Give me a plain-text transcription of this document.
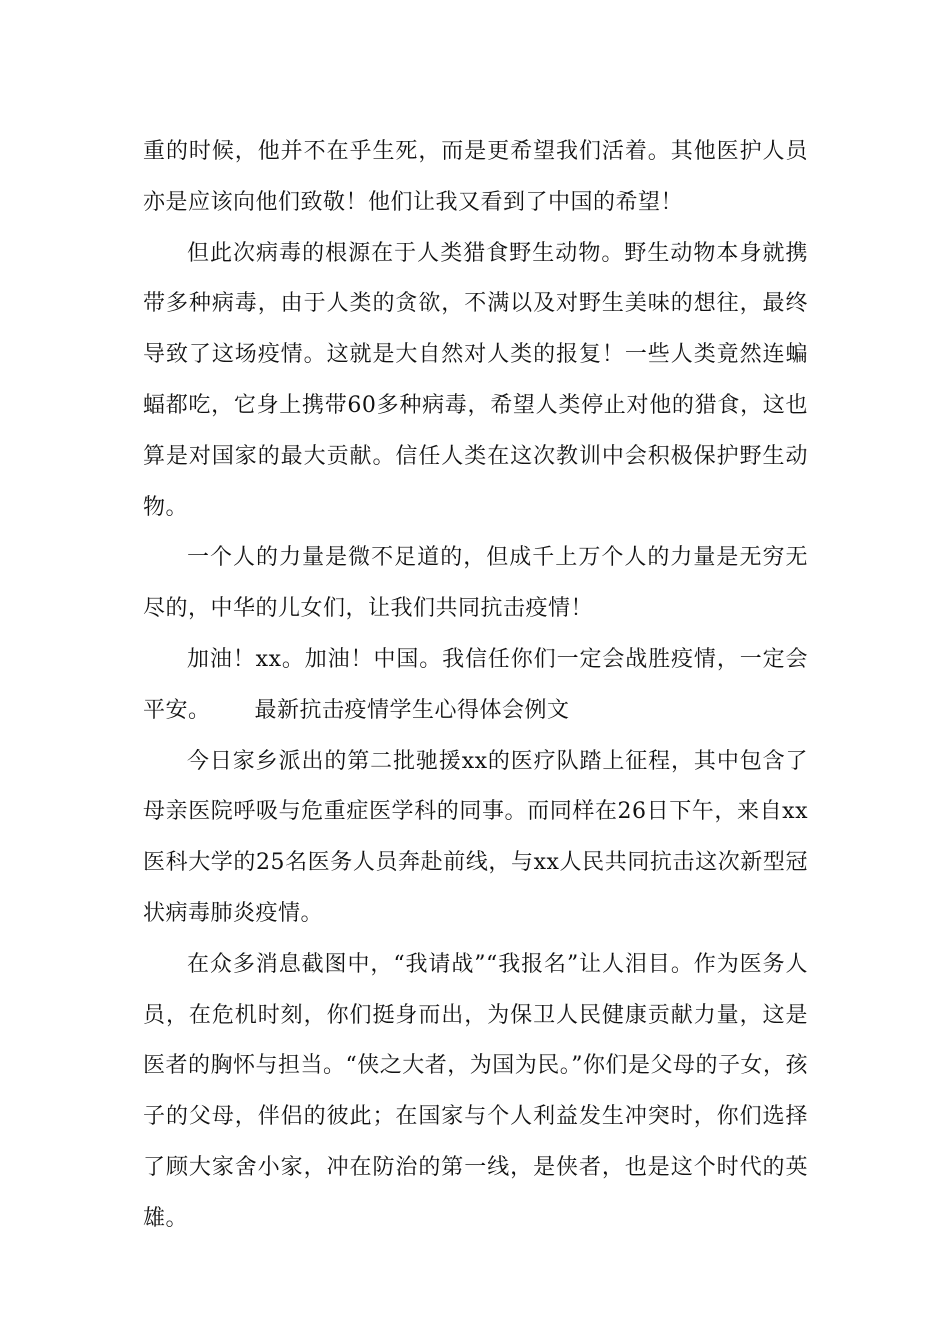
重的时候，他并不在乎生死，而是更希望我们活着。其他医护人员亦是应该向他们致敬！他们让我又看到了中国的希望！

但此次病毒的根源在于人类猎食野生动物。野生动物本身就携带多种病毒，由于人类的贪欲，不满以及对野生美味的想往，最终导致了这场疫情。这就是大自然对人类的报复！一些人类竟然连蝙蝠都吃，它身上携带60多种病毒，希望人类停止对他的猎食，这也算是对国家的最大贡献。信任人类在这次教训中会积极保护野生动物。

一个人的力量是微不足道的，但成千上万个人的力量是无穷无尽的，中华的儿女们，让我们共同抗击疫情！

加油！xx。加油！中国。我信任你们一定会战胜疫情，一定会平安。 最新抗击疫情学生心得体会例文

今日家乡派出的第二批驰援xx的医疗队踏上征程，其中包含了母亲医院呼吸与危重症医学科的同事。而同样在26日下午，来自xx医科大学的25名医务人员奔赴前线，与xx人民共同抗击这次新型冠状病毒肺炎疫情。

在众多消息截图中，“我请战”“我报名”让人泪目。作为医务人员，在危机时刻，你们挺身而出，为保卫人民健康贡献力量，这是医者的胸怀与担当。“侠之大者，为国为民。”你们是父母的子女，孩子的父母，伴侣的彼此；在国家与个人利益发生冲突时，你们选择了顾大家舍小家，冲在防治的第一线，是侠者，也是这个时代的英雄。
